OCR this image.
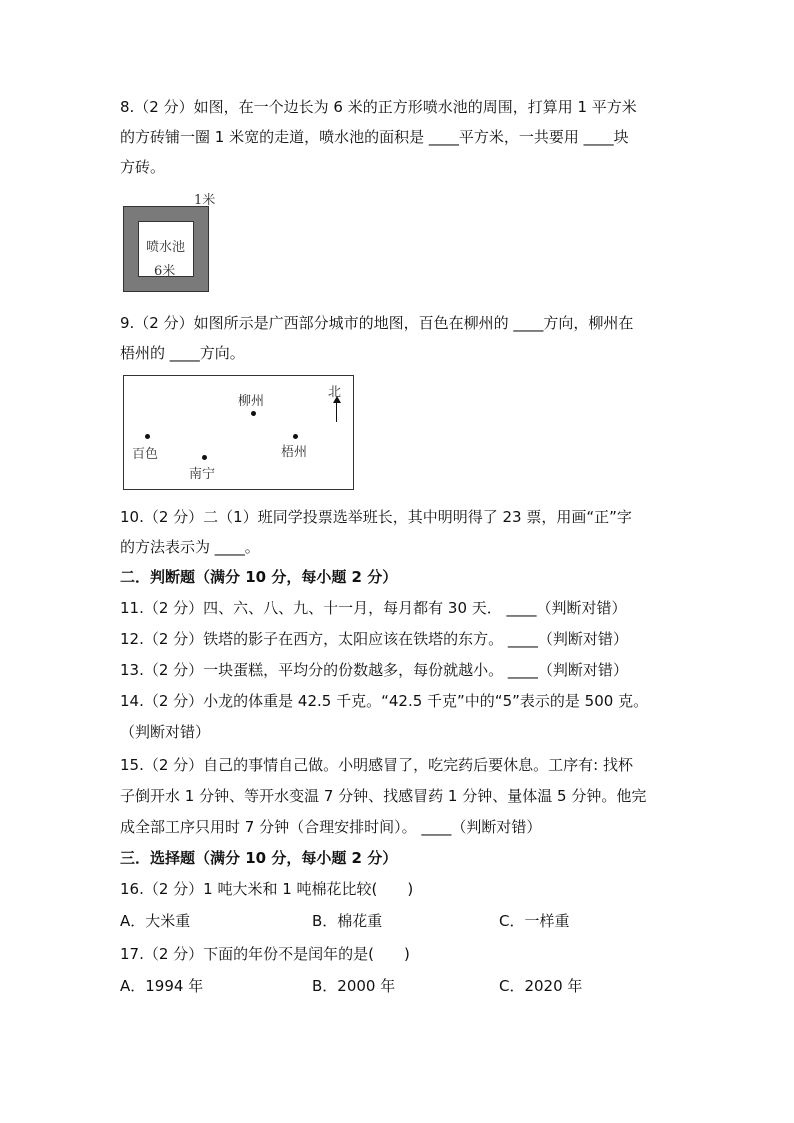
8.（2 分）如图，在一个边长为 6 米的正方形喷水池的周围，打算用 1 平方米
的方砖铺一圈 1 米宽的走道，喷水池的面积是 ____平方米，一共要用 ____块
方砖。
1米
喷水池
6米
9.（2 分）如图所示是广西部分城市的地图，百色在柳州的 ____方向，柳州在
梧州的 ____方向。
北
柳州
百色
南宁
梧州
10.（2 分）二（1）班同学投票选举班长，其中明明得了 23 票，用画“正”字
的方法表示为 ____。
二．判断题（满分 10 分，每小题 2 分）
11.（2 分）四、六、八、九、十一月，每月都有 30 天． ____（判断对错）
12.（2 分）铁塔的影子在西方，太阳应该在铁塔的东方。 ____（判断对错）
13.（2 分）一块蛋糕，平均分的份数越多，每份就越小。 ____（判断对错）
14.（2 分）小龙的体重是 42.5 千克。“42.5 千克”中的“5”表示的是 500 克。
（判断对错）
15.（2 分）自己的事情自己做。小明感冒了，吃完药后要休息。工序有: 找杯
子倒开水 1 分钟、等开水变温 7 分钟、找感冒药 1 分钟、量体温 5 分钟。他完
成全部工序只用时 7 分钟（合理安排时间）。 ____（判断对错）
三．选择题（满分 10 分，每小题 2 分）
16.（2 分）1 吨大米和 1 吨棉花比较(　　)
A．大米重	B．棉花重	C．一样重
17.（2 分）下面的年份不是闰年的是(　　)
A．1994 年	B．2000 年	C．2020 年
